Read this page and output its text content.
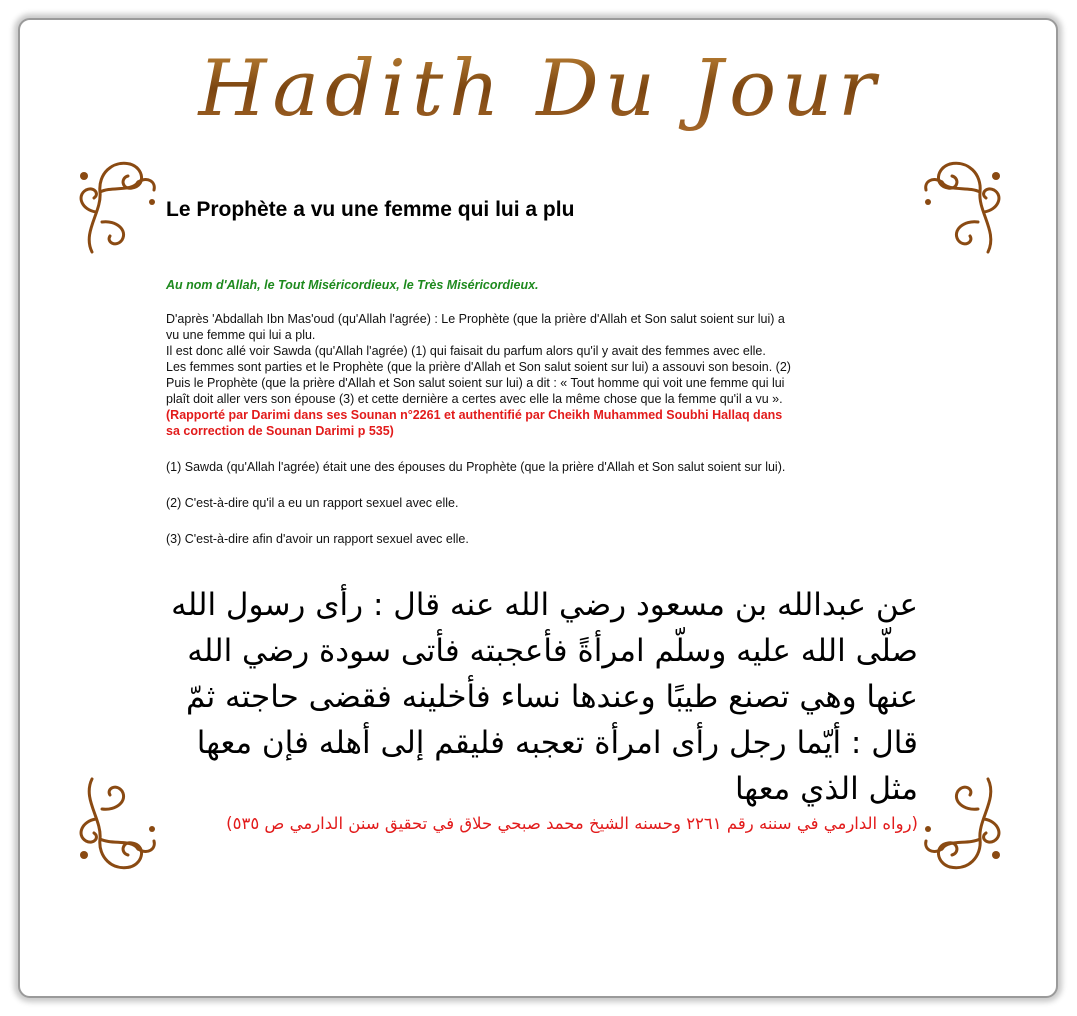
Hadith Du Jour
Le Prophète a vu une femme qui lui a plu
Au nom d'Allah, le Tout Miséricordieux, le Très Miséricordieux.

D'après 'Abdallah Ibn Mas'oud (qu'Allah l'agrée) : Le Prophète (que la prière d'Allah et Son salut soient sur lui) a

vu une femme qui lui a plu.

Il est donc allé voir Sawda (qu'Allah l'agrée) (1) qui faisait du parfum alors qu'il y avait des femmes avec elle.

Les femmes sont parties et le Prophète (que la prière d'Allah et Son salut soient sur lui) a assouvi son besoin. (2)

Puis le Prophète (que la prière d'Allah et Son salut soient sur lui) a dit : « Tout homme qui voit une femme qui lui

plaît doit aller vers son épouse (3) et cette dernière a certes avec elle la même chose que la femme qu'il a vu ».

(Rapporté par Darimi dans ses Sounan n°2261 et authentifié par Cheikh Muhammed Soubhi Hallaq dans
sa correction de Sounan Darimi p 535)
(1) Sawda (qu'Allah l'agrée) était une des épouses du Prophète (que la prière d'Allah et Son salut soient sur lui).
(2) C'est-à-dire qu'il a eu un rapport sexuel avec elle.
(3) C'est-à-dire afin d'avoir un rapport sexuel avec elle.
عن عبدالله بن مسعود رضي الله عنه قال : رأى رسول الله
صلّى الله عليه وسلّم امرأةً فأعجبته فأتى سودة رضي الله
عنها وهي تصنع طيبًا وعندها نساء فأخلينه فقضى حاجته ثمّ
قال : أيّما رجل رأى امرأة تعجبه فليقم إلى أهله فإن معها
مثل الذي معها
(رواه الدارمي في سننه رقم ٢٢٦١ وحسنه الشيخ محمد صبحي حلاق في تحقيق سنن الدارمي ص ٥٣٥)
